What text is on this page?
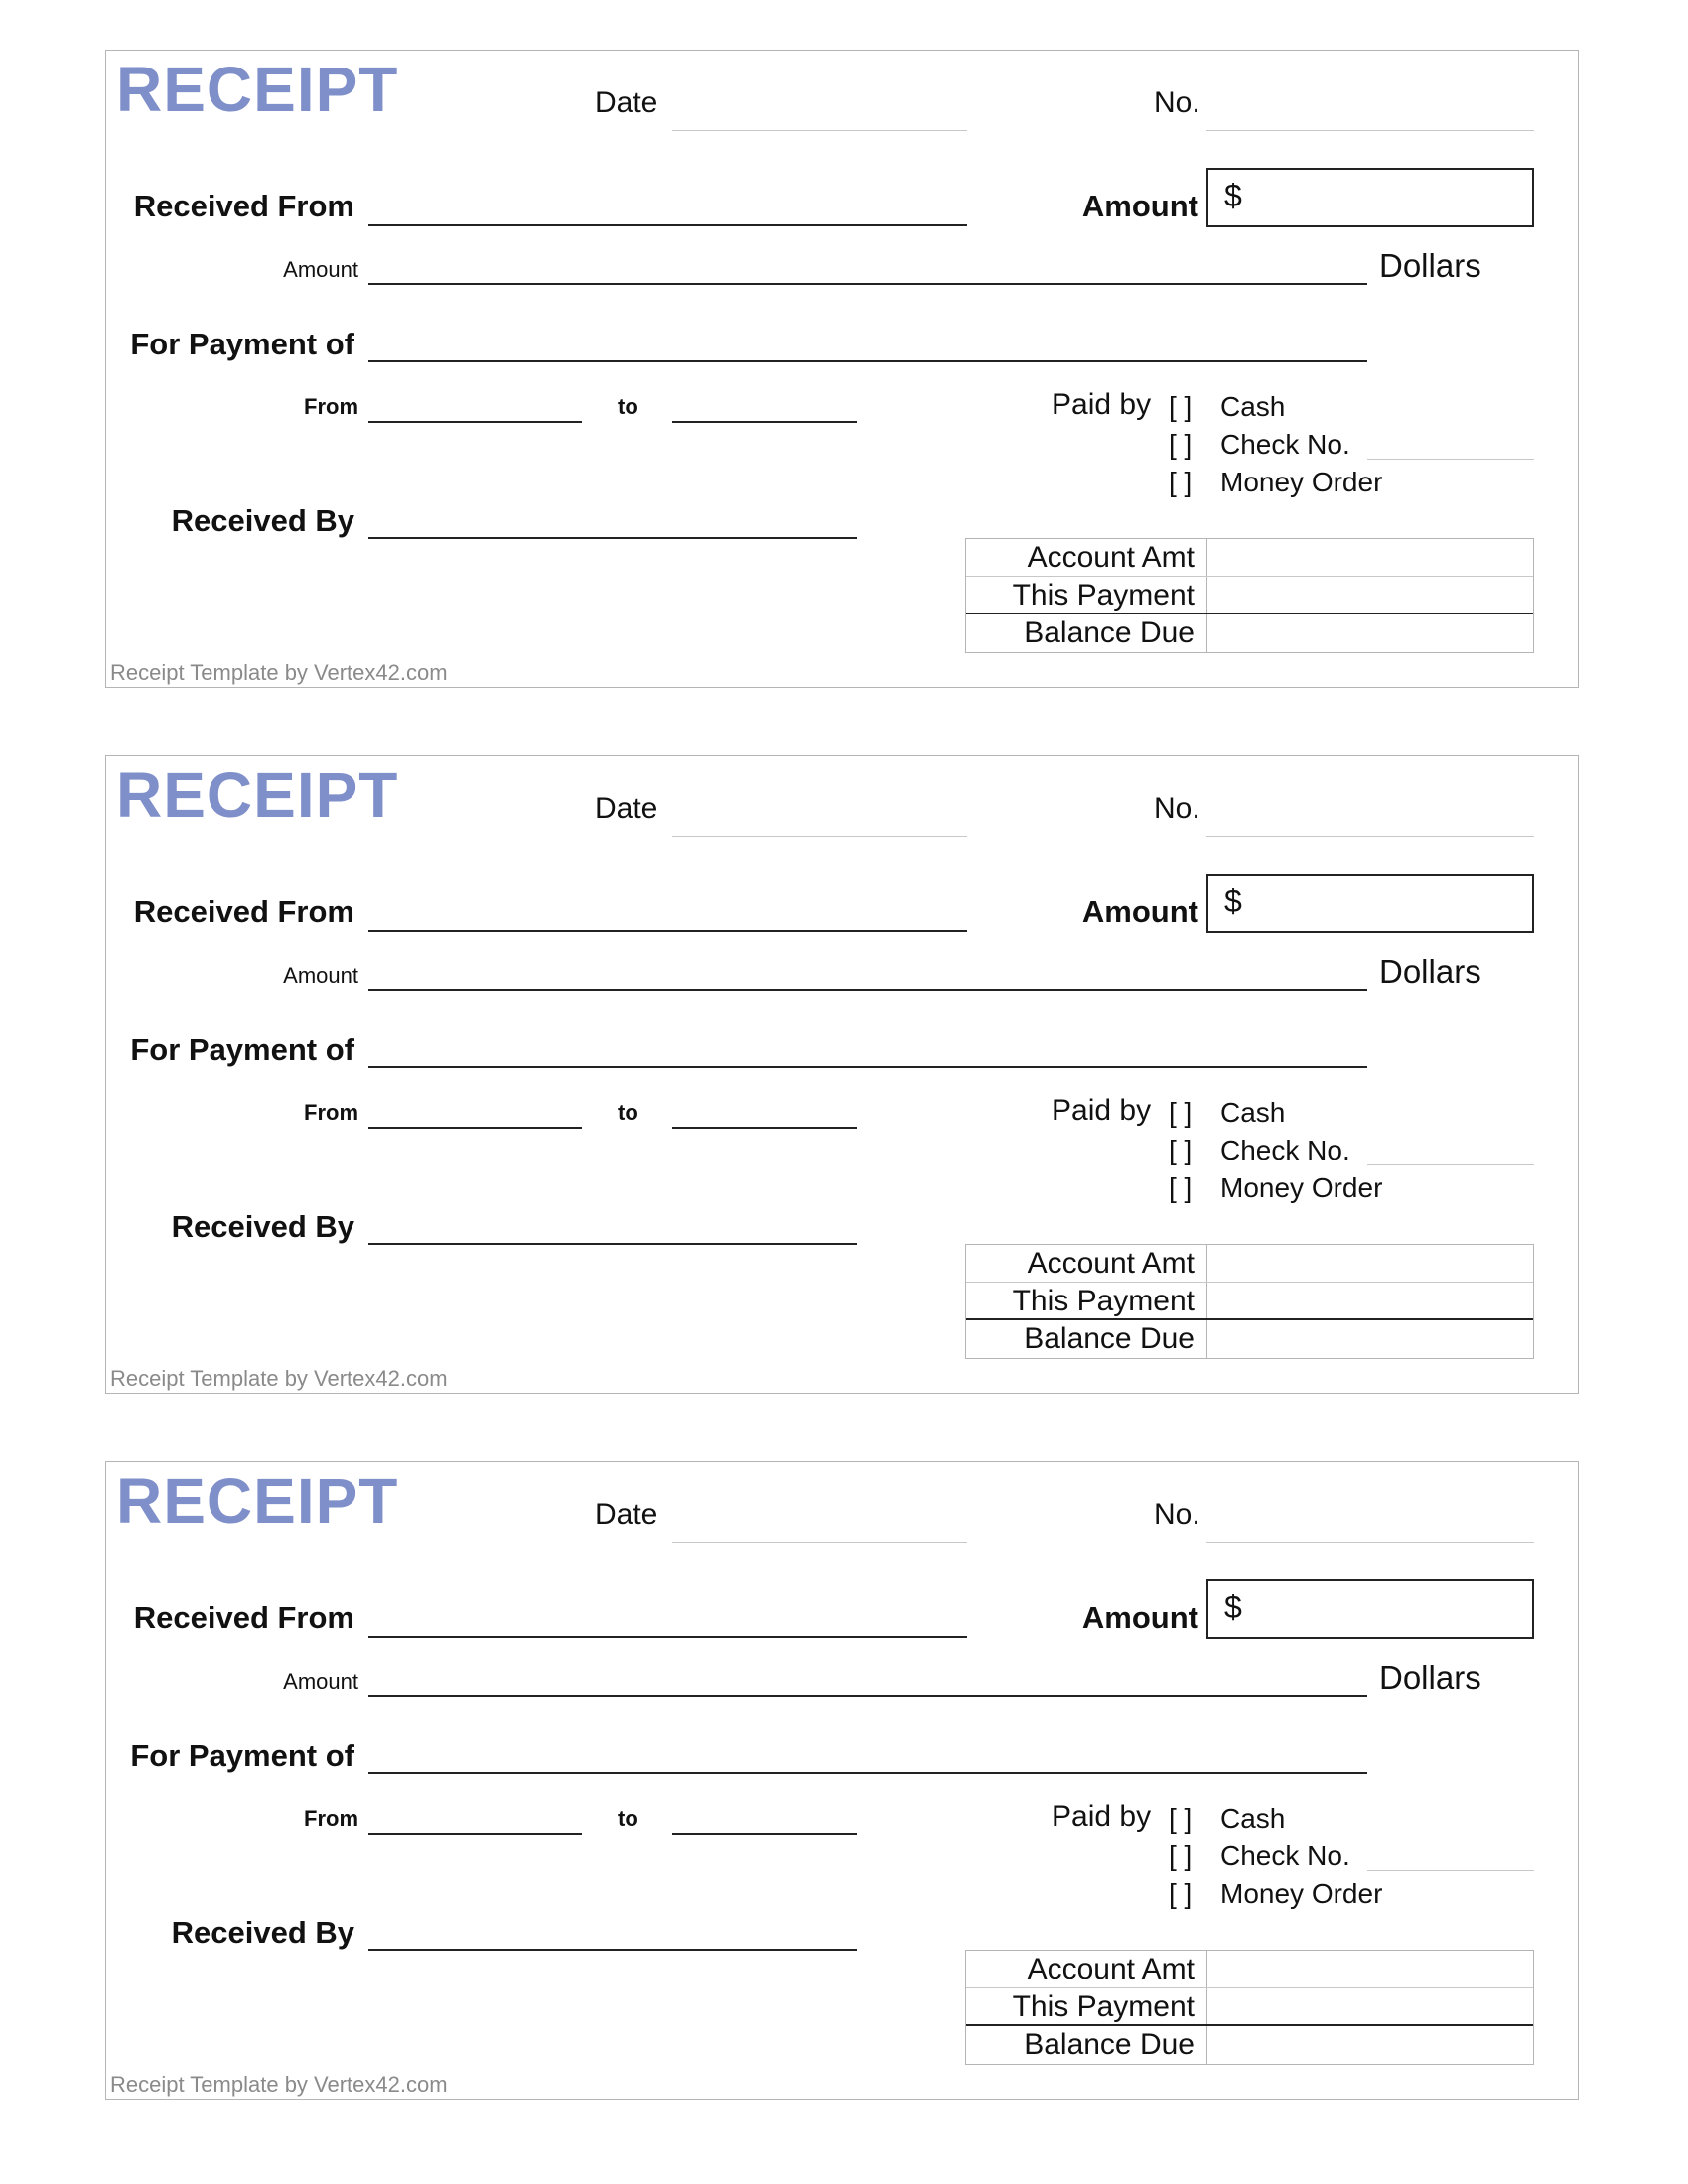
RECEIPT	Date	No.
Received From	Amount $
Amount	Dollars
For Payment of
From	to	Paid by [ ] Cash
[ ] Check No.
[ ] Money Order
Received By
Account Amt
This Payment
Balance Due
Receipt Template by Vertex42.com
RECEIPT	Date	No.
Received From	Amount $
Amount	Dollars
For Payment of
From	to	Paid by [ ] Cash
[ ] Check No.
[ ] Money Order
Received By
Account Amt
This Payment
Balance Due
Receipt Template by Vertex42.com
RECEIPT	Date	No.
Received From	Amount $
Amount	Dollars
For Payment of
From	to	Paid by [ ] Cash
[ ] Check No.
[ ] Money Order
Received By
Account Amt
This Payment
Balance Due
Receipt Template by Vertex42.com
